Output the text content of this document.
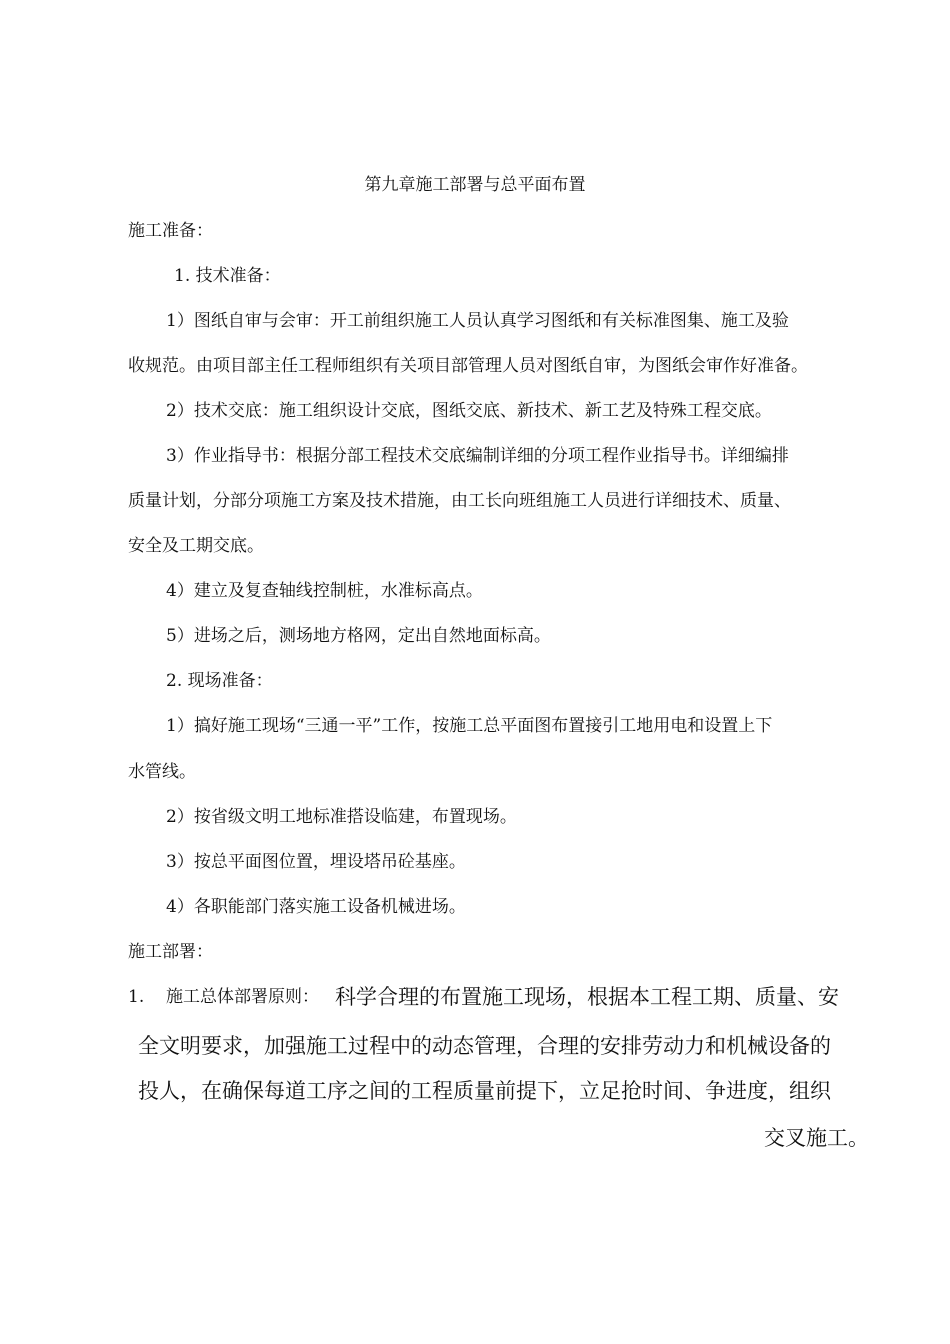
第九章施工部署与总平面布置
施工准备：
1. 技术准备：
1）图纸自审与会审：开工前组织施工人员认真学习图纸和有关标准图集、施工及验
收规范。由项目部主任工程师组织有关项目部管理人员对图纸自审，为图纸会审作好准备。
2）技术交底：施工组织设计交底，图纸交底、新技术、新工艺及特殊工程交底。
3）作业指导书：根据分部工程技术交底编制详细的分项工程作业指导书。详细编排
质量计划，分部分项施工方案及技术措施，由工长向班组施工人员进行详细技术、质量、
安全及工期交底。
4）建立及复查轴线控制桩，水准标高点。
5）进场之后，测场地方格网，定出自然地面标高。
2. 现场准备：
1）搞好施工现场“三通一平”工作，按施工总平面图布置接引工地用电和设置上下
水管线。
2）按省级文明工地标准搭设临建，布置现场。
3）按总平面图位置，埋设塔吊砼基座。
4）各职能部门落实施工设备机械进场。
施工部署：
1. 施工总体部署原则： 科学合理的布置施工现场，根据本工程工期、质量、安
全文明要求，加强施工过程中的动态管理，合理的安排劳动力和机械设备的
投人，在确保每道工序之间的工程质量前提下，立足抢时间、争进度，组织
交叉施工。
